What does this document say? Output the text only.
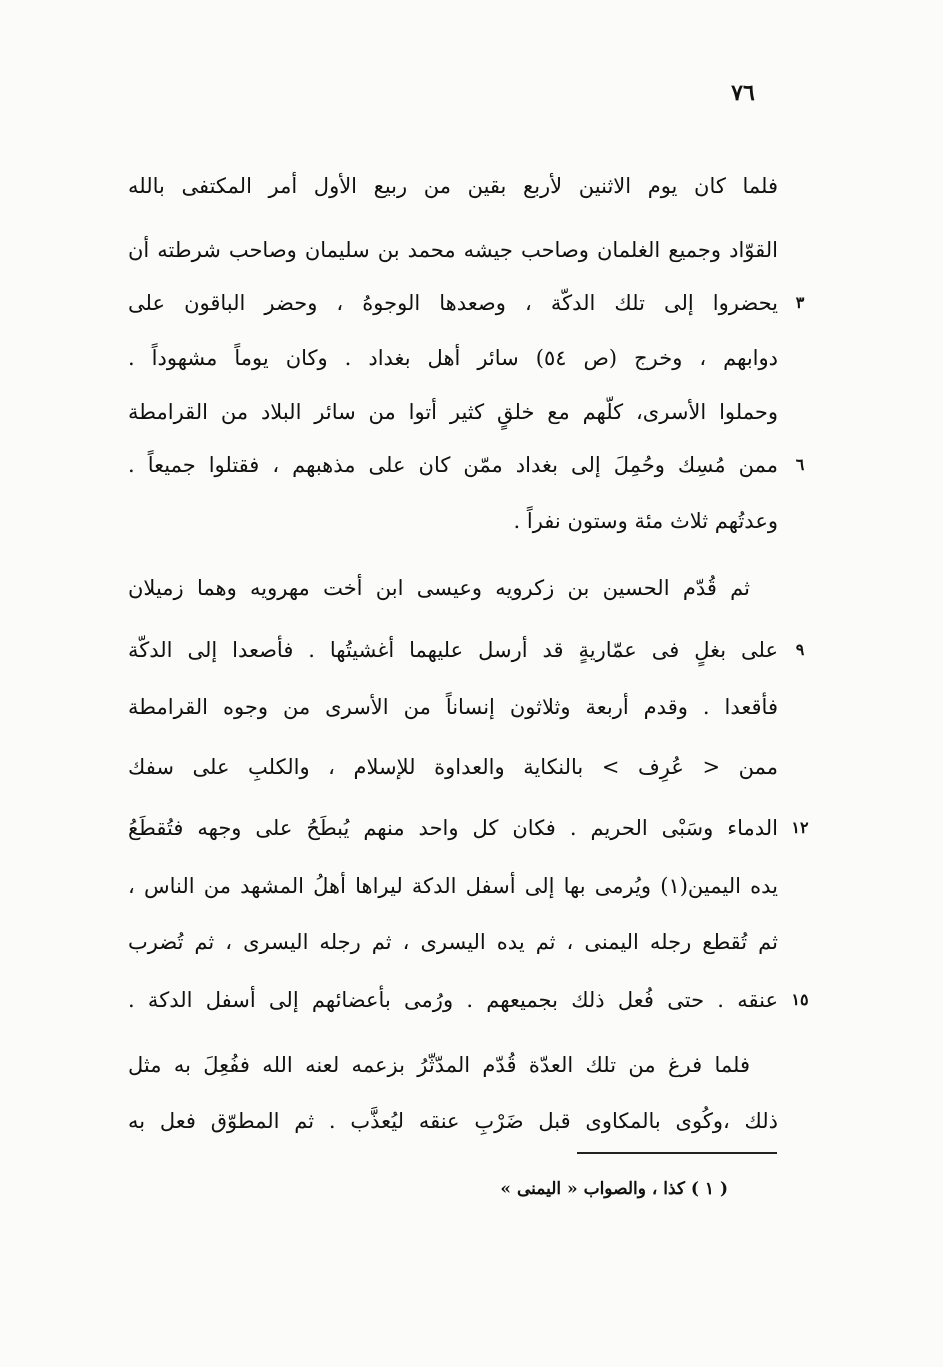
٧٦
فلما كان يوم الاثنين لأربع بقين من ربيع الأول أمر المكتفى بالله
القوّاد وجميع الغلمان وصاحب جيشه محمد بن سليمان وصاحب شرطته أن
٣
يحضروا إلى تلك الدكّة ، وصعدها الوجوهُ ، وحضر الباقون على
دوابهم ، وخرج (ص ٥٤) سائر أهل بغداد . وكان يوماً مشهوداً .
وحملوا الأسرى، كلّهم مع خلقٍ كثير أتوا من سائر البلاد من القرامطة
٦
ممن مُسِك وحُمِلَ إلى بغداد ممّن كان على مذهبهم ، فقتلوا جميعاً .
وعدتُهم ثلاث مئة وستون نفراً .
ثم قُدّم الحسين بن زكرويه وعيسى ابن أخت مهرويه وهما زميلان
٩
على بغلٍ فى عمّاريةٍ قد أرسل عليهما أغشيتُها . فأصعدا إلى الدكّة
فأقعدا . وقدم أربعة وثلاثون إنساناً من الأسرى من وجوه القرامطة
ممن < عُرِف > بالنكاية والعداوة للإسلام ، والكلبِ على سفك
١٢
الدماء وسَبْى الحريم . فكان كل واحد منهم يُبطَحُ على وجهه فتُقطَعُ
يده اليمين(١) ويُرمى بها إلى أسفل الدكة ليراها أهلُ المشهد من الناس ،
ثم تُقطع رجله اليمنى ، ثم يده اليسرى ، ثم رجله اليسرى ، ثم تُضرب
١٥
عنقه . حتى فُعل ذلك بجميعهم . ورُمى بأعضائهم إلى أسفل الدكة .
فلما فرغ من تلك العدّة قُدّم المدّثّرُ بزعمه لعنه الله ففُعِلَ به مثل
ذلك ،وكُوى بالمكاوى قبل ضَرْبِ عنقه ليُعذَّب . ثم المطوّق فعل به
( ١ ) كذا ، والصواب « اليمنى »
